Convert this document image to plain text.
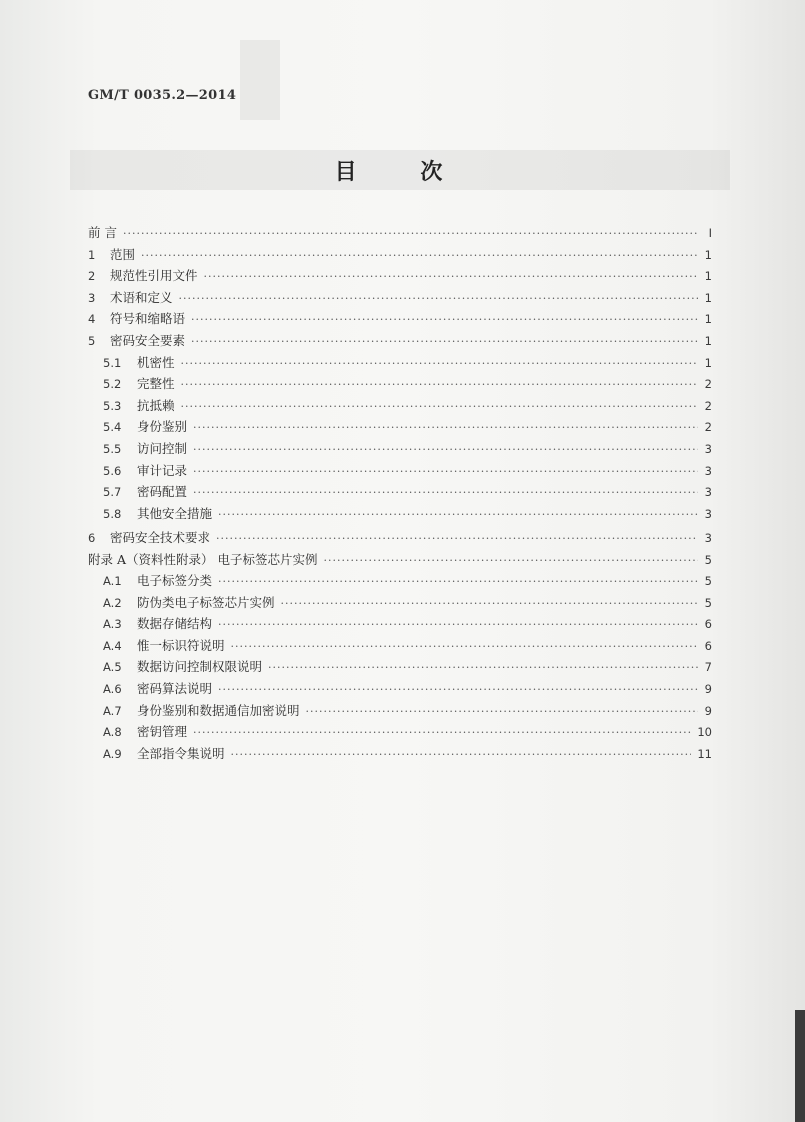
GM/T 0035.2—2014
目 次
前 言 ·····	Ⅰ
1	范围 ·····	1
2	规范性引用文件 ·····	1
3	术语和定义 ·····	1
4	符号和缩略语 ·····	1
5	密码安全要素 ·····	1
5.1	机密性 ·····	1
5.2	完整性 ·····	2
5.3	抗抵赖 ·····	2
5.4	身份鉴别 ·····	2
5.5	访问控制 ·····	3
5.6	审计记录 ·····	3
5.7	密码配置 ·····	3
5.8	其他安全措施 ·····	3
6	密码安全技术要求 ·····	3
附录 A（资料性附录） 电子标签芯片实例 ·····	5
A.1	电子标签分类 ·····	5
A.2	防伪类电子标签芯片实例 ·····	5
A.3	数据存储结构 ·····	6
A.4	惟一标识符说明 ·····	6
A.5	数据访问控制权限说明 ·····	7
A.6	密码算法说明 ·····	9
A.7	身份鉴别和数据通信加密说明 ·····	9
A.8	密钥管理 ·····	10
A.9	全部指令集说明 ·····	11
